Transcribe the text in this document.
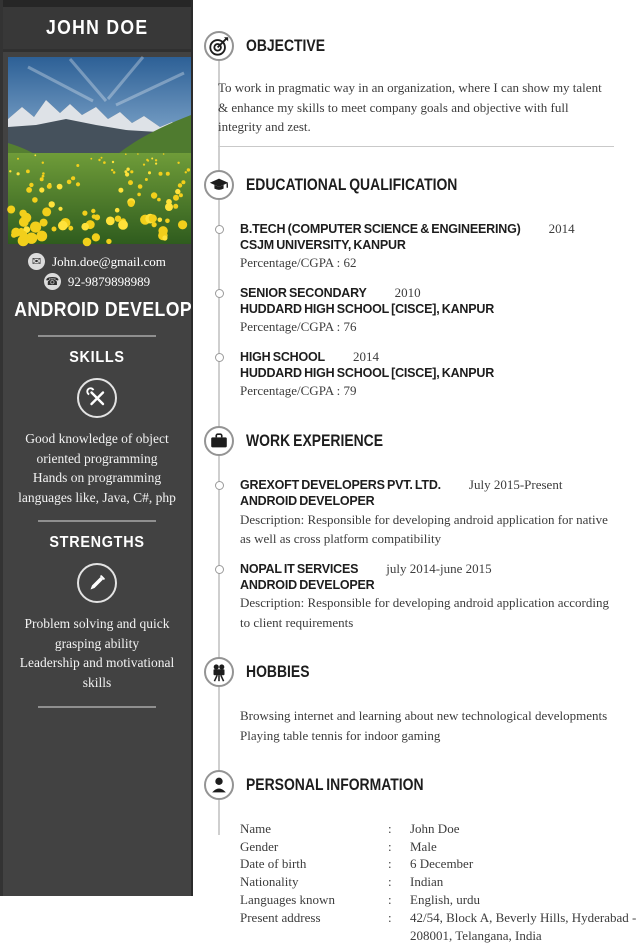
JOHN DOE
✉ John.doe@gmail.com
☎ 92-9879898989
ANDROID DEVELOPER
SKILLS
Good knowledge of object oriented programming
Hands on programming languages like, Java, C#, php
STRENGTHS
Problem solving and quick grasping ability
Leadership and motivational skills
OBJECTIVE

To work in pragmatic way in an organization, where I can show my talent & enhance my skills to meet company goals and objective with full integrity and zest.

EDUCATIONAL QUALIFICATION
B.TECH (COMPUTER SCIENCE & ENGINEERING) 2014
CSJM UNIVERSITY, KANPUR
Percentage/CGPA : 62
SENIOR SECONDARY 2010
HUDDARD HIGH SCHOOL [CISCE], KANPUR
Percentage/CGPA : 76
HIGH SCHOOL 2014
HUDDARD HIGH SCHOOL [CISCE], KANPUR
Percentage/CGPA : 79
WORK EXPERIENCE
GREXOFT DEVELOPERS PVT. LTD. July 2015-Present
ANDROID DEVELOPER
Description: Responsible for developing android application for native as well as cross platform compatibility
NOPAL IT SERVICES july 2014-june 2015
ANDROID DEVELOPER
Description: Responsible for developing android application according to client requirements
HOBBIES
Browsing internet and learning about new technological developments
Playing table tennis for indoor gaming
PERSONAL INFORMATION
Name	:	John Doe
Gender	:	Male
Date of birth	:	6 December
Nationality	:	Indian
Languages known	:	English, urdu
Present address	:	42/54, Block A, Beverly Hills, Hyderabad - 208001, Telangana, India
